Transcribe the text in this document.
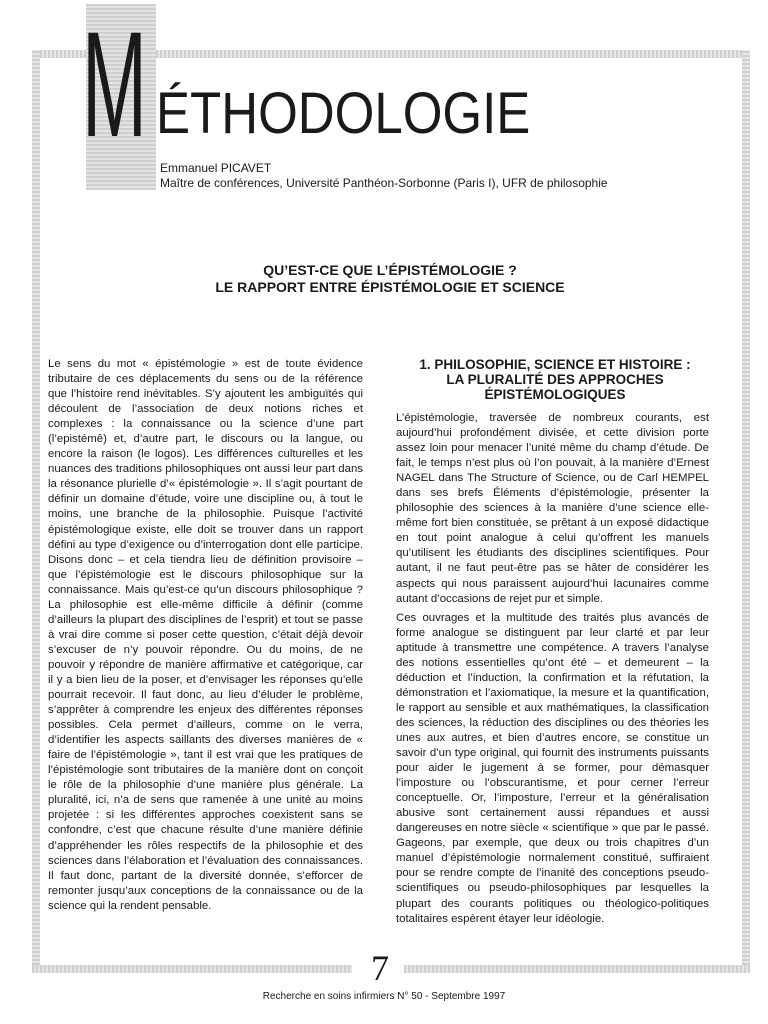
M ÉTHODOLOGIE
Emmanuel PICAVET
Maître de conférences, Université Panthéon-Sorbonne (Paris I), UFR de philosophie
QU’EST-CE QUE L’ÉPISTÉMOLOGIE ?
LE RAPPORT ENTRE ÉPISTÉMOLOGIE ET SCIENCE

Le sens du mot « épistémologie » est de toute évidence tributaire de ces déplacements du sens ou de la référence que l’histoire rend inévitables. S’y ajoutent les ambiguïtés qui découlent de l’association de deux notions riches et complexes : la connaissance ou la science d’une part (l’epistémê) et, d’autre part, le discours ou la langue, ou encore la raison (le logos). Les différences culturelles et les nuances des traditions philosophiques ont aussi leur part dans la résonance plurielle d’« épistémologie ». Il s’agit pourtant de définir un domaine d’étude, voire une discipline ou, à tout le moins, une branche de la philosophie. Puisque l’activité épistémologique existe, elle doit se trouver dans un rapport défini au type d’exigence ou d’interrogation dont elle participe. Disons donc – et cela tiendra lieu de définition provisoire – que l’épistémologie est le discours philosophique sur la connaissance. Mais qu’est-ce qu’un discours philosophique ? La philosophie est elle-même difficile à définir (comme d’ailleurs la plupart des disciplines de l’esprit) et tout se passe à vrai dire comme si poser cette question, c’était déjà devoir s’excuser de n’y pouvoir répondre. Ou du moins, de ne pouvoir y répondre de manière affirmative et catégorique, car il y a bien lieu de la poser, et d’envisager les réponses qu’elle pourrait recevoir. Il faut donc, au lieu d’éluder le problème, s’apprêter à comprendre les enjeux des différentes réponses possibles. Cela permet d’ailleurs, comme on le verra, d’identifier les aspects saillants des diverses manières de « faire de l’épistémologie », tant il est vrai que les pratiques de l’épistémologie sont tributaires de la manière dont on conçoit le rôle de la philosophie d’une manière plus générale. La pluralité, ici, n’a de sens que ramenée à une unité au moins projetée : si les différentes approches coexistent sans se confondre, c’est que chacune résulte d’une manière définie d’appréhender les rôles respectifs de la philosophie et des sciences dans l’élaboration et l’évaluation des connaissances. Il faut donc, partant de la diversité donnée, s’efforcer de remonter jusqu’aux conceptions de la connaissance ou de la science qui la rendent pensable.

1. PHILOSOPHIE, SCIENCE ET HISTOIRE :
LA PLURALITÉ DES APPROCHES
ÉPISTÉMOLOGIQUES

L’épistémologie, traversée de nombreux courants, est aujourd’hui profondément divisée, et cette division porte assez loin pour menacer l’unité même du champ d’étude. De fait, le temps n’est plus où l’on pouvait, à la manière d’Ernest NAGEL dans The Structure of Science, ou de Carl HEMPEL dans ses brefs Éléments d’épistémologie, présenter la philosophie des sciences à la manière d’une science elle-même fort bien constituée, se prêtant à un exposé didactique en tout point analogue à celui qu’offrent les manuels qu’utilisent les étudiants des disciplines scientifiques. Pour autant, il ne faut peut-être pas se hâter de considérer les aspects qui nous paraissent aujourd’hui lacunaires comme autant d’occasions de rejet pur et simple.

Ces ouvrages et la multitude des traités plus avancés de forme analogue se distinguent par leur clarté et par leur aptitude à transmettre une compétence. A travers l’analyse des notions essentielles qu’ont été – et demeurent – la déduction et l’induction, la confirmation et la réfutation, la démonstration et l’axiomatique, la mesure et la quantification, le rapport au sensible et aux mathématiques, la classification des sciences, la réduction des disciplines ou des théories les unes aux autres, et bien d’autres encore, se constitue un savoir d’un type original, qui fournit des instruments puissants pour aider le jugement à se former, pour démasquer l’imposture ou l’obscurantisme, et pour cerner l’erreur conceptuelle. Or, l’imposture, l’erreur et la généralisation abusive sont certainement aussi répandues et aussi dangereuses en notre siècle « scientifique » que par le passé. Gageons, par exemple, que deux ou trois chapitres d’un manuel d’épistémologie normalement constitué, suffiraient pour se rendre compte de l’inanité des conceptions pseudo-scientifiques ou pseudo-philosophiques par lesquelles la plupart des courants politiques ou théologico-politiques totalitaires espèrent étayer leur idéologie.

7
Recherche en soins infirmiers N° 50 - Septembre 1997
